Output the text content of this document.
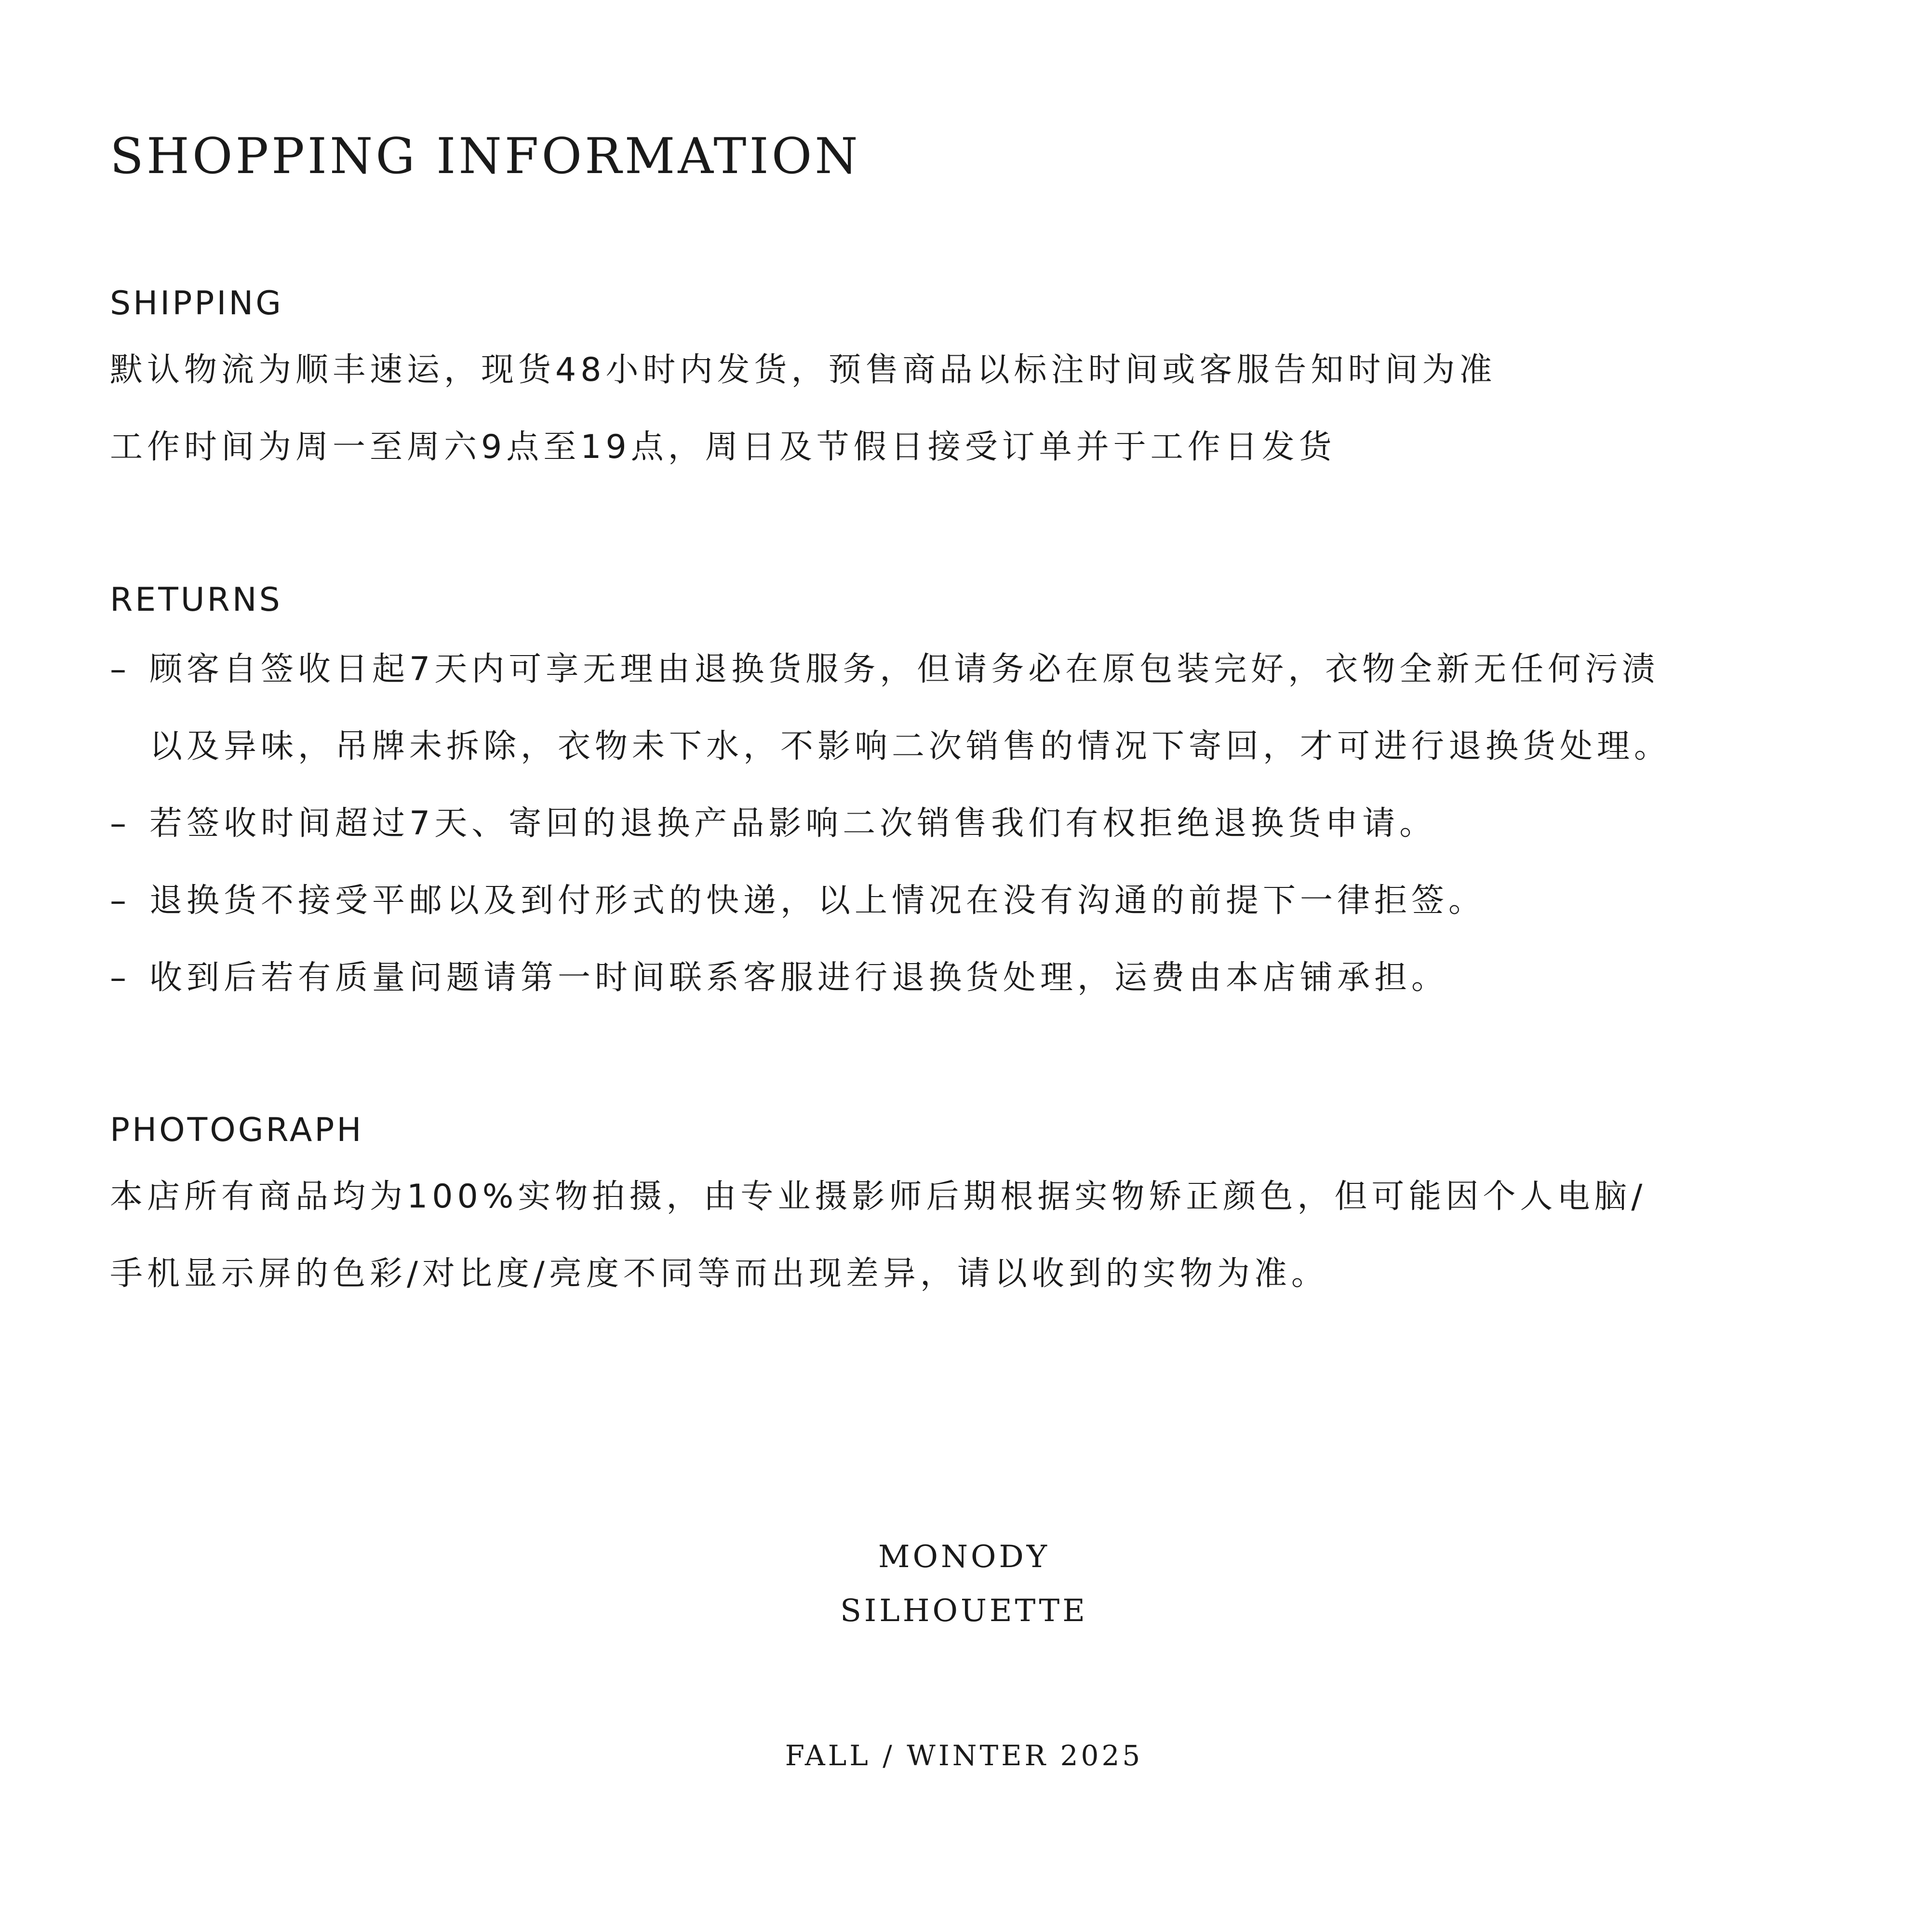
SHOPPING INFORMATION
SHIPPING

默认物流为顺丰速运，现货48小时内发货，预售商品以标注时间或客服告知时间为准

工作时间为周一至周六9点至19点，周日及节假日接受订单并于工作日发货

RETURNS
– 顾客自签收日起7天内可享无理由退换货服务，但请务必在原包装完好，衣物全新无任何污渍
以及异味，吊牌未拆除，衣物未下水，不影响二次销售的情况下寄回，才可进行退换货处理。
– 若签收时间超过7天、寄回的退换产品影响二次销售我们有权拒绝退换货申请。
– 退换货不接受平邮以及到付形式的快递，以上情况在没有沟通的前提下一律拒签。
– 收到后若有质量问题请第一时间联系客服进行退换货处理，运费由本店铺承担。
PHOTOGRAPH

本店所有商品均为100%实物拍摄，由专业摄影师后期根据实物矫正颜色，但可能因个人电脑/

手机显示屏的色彩/对比度/亮度不同等而出现差异，请以收到的实物为准。

MONODY
SILHOUETTE
FALL / WINTER 2025
